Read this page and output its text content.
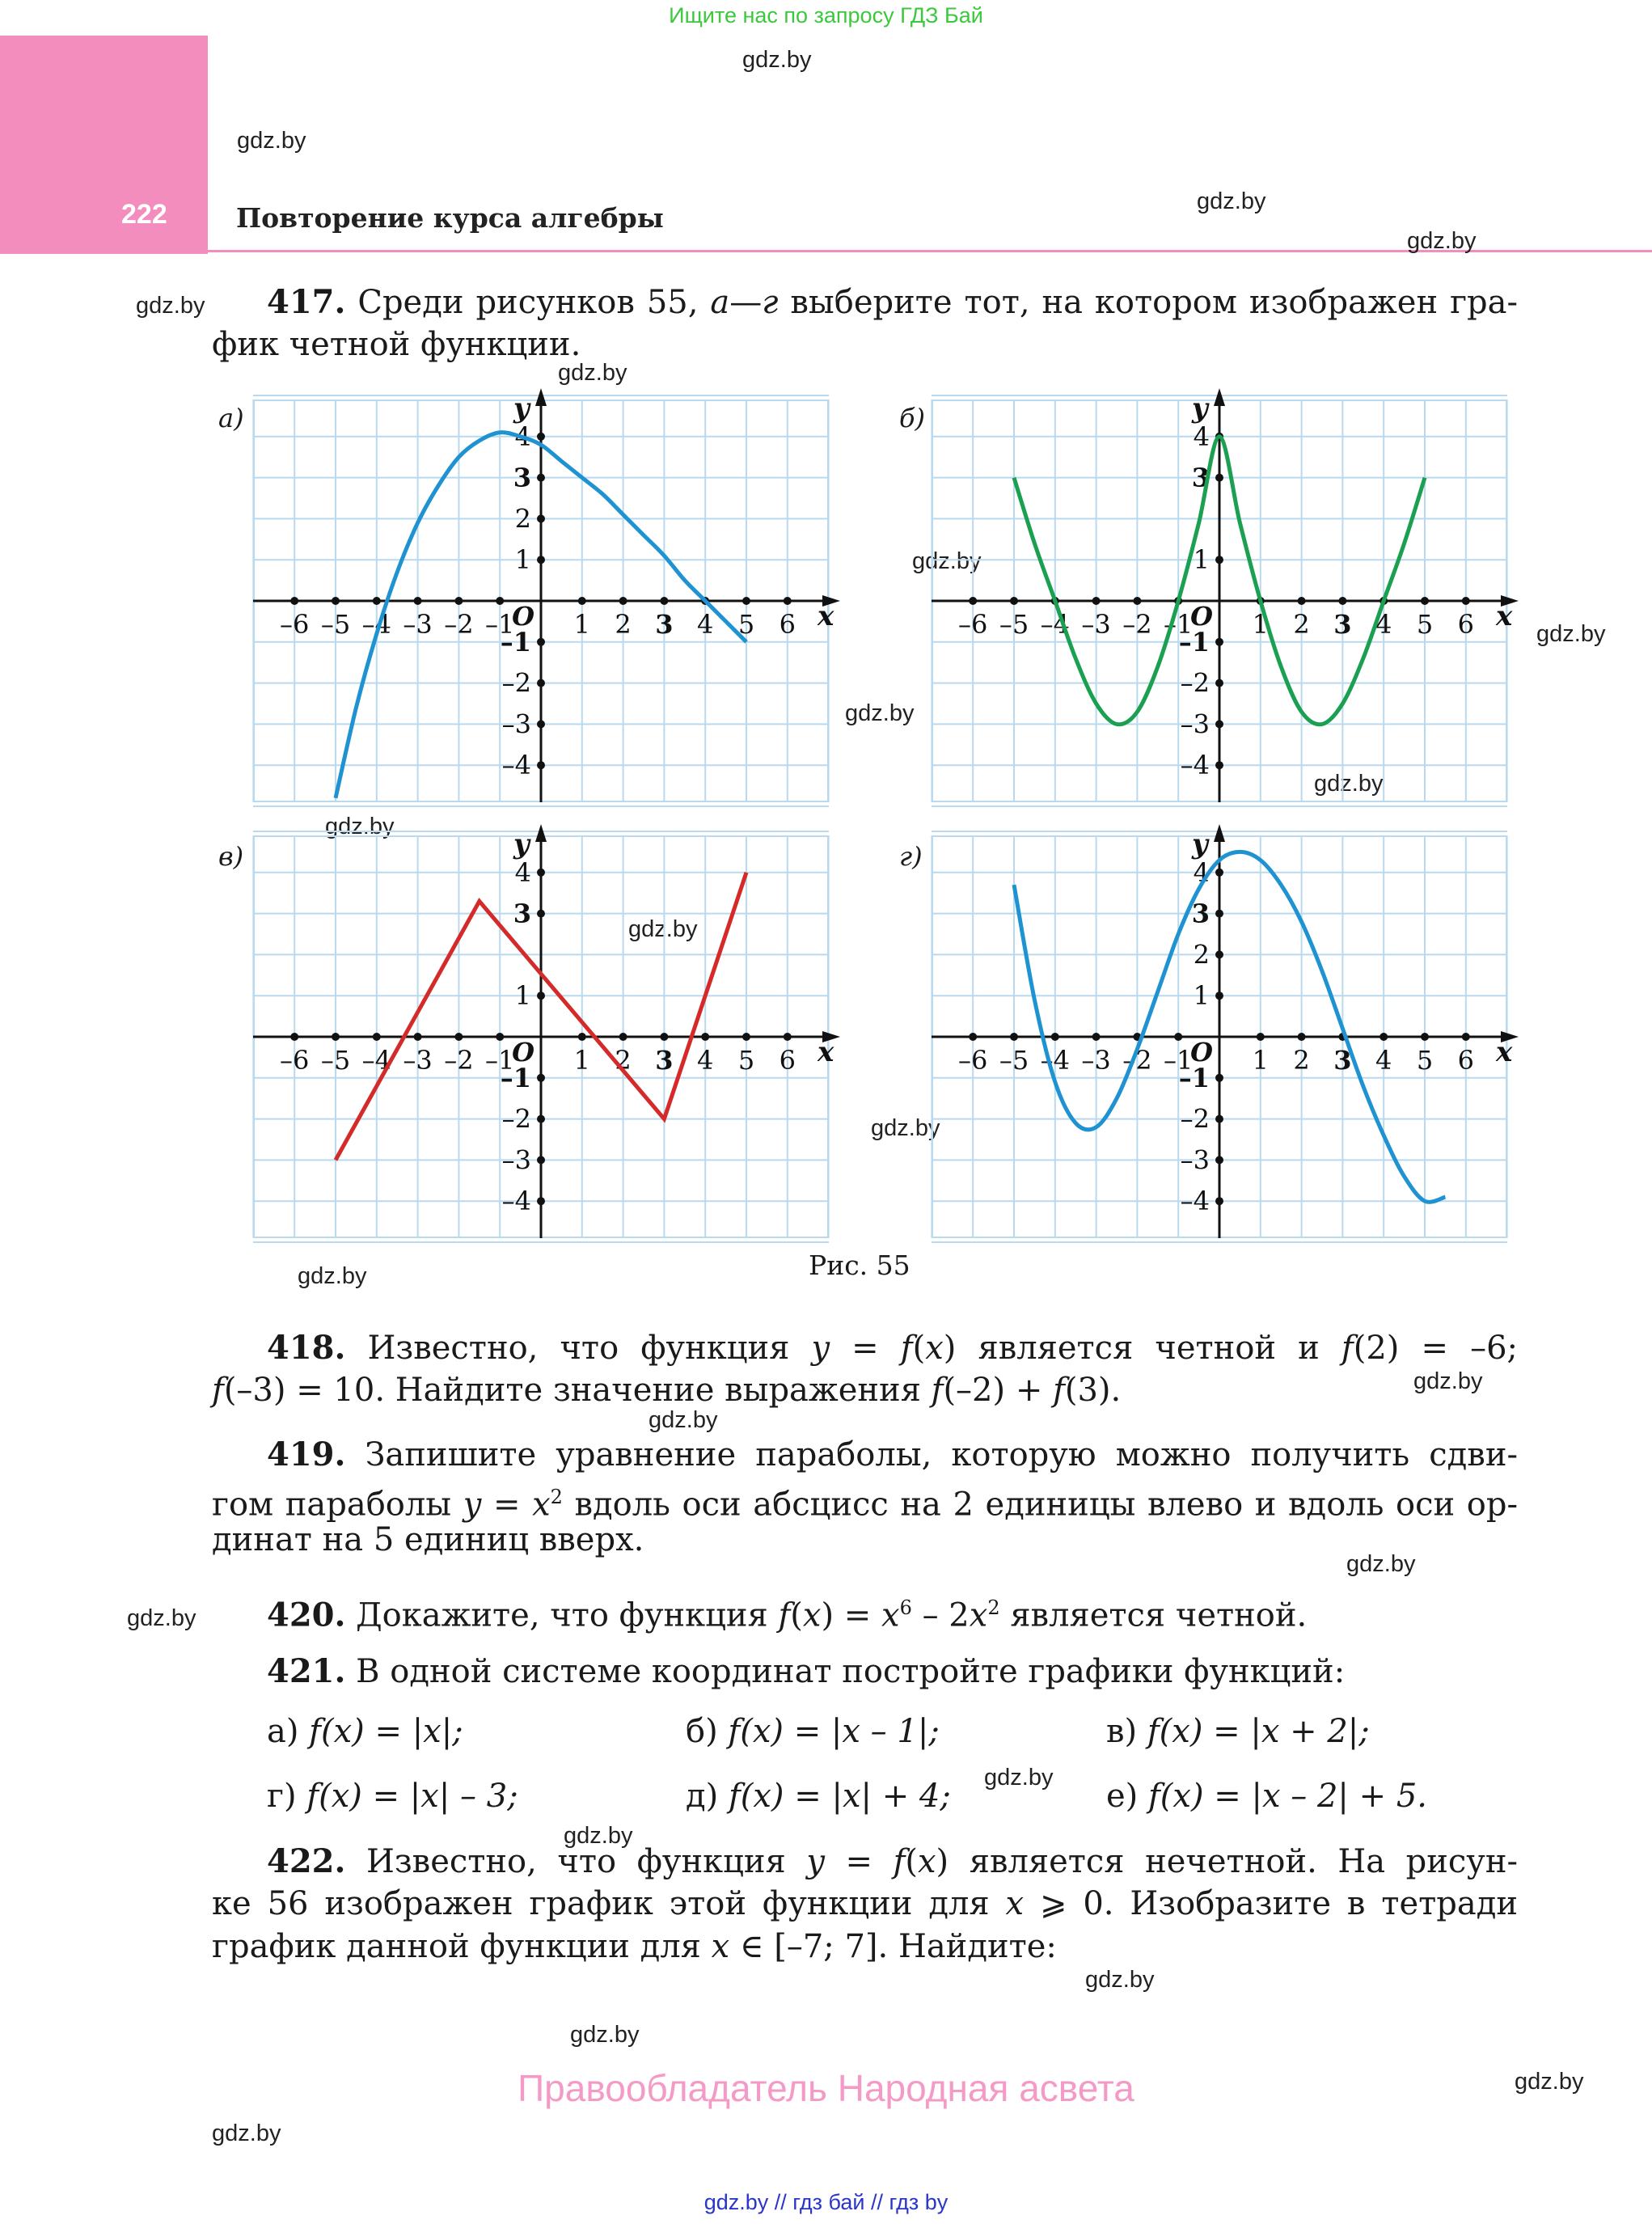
Ищите нас по запросу ГДЗ Бай
222	Повторение курса алгебры
gdz.by
gdz.by
gdz.by
gdz.by
gdz.by
gdz.by
gdz.by
gdz.by
gdz.by
gdz.by
gdz.by
gdz.by
gdz.by
gdz.by
gdz.by
gdz.by
gdz.by
gdz.by
gdz.by
gdz.by
gdz.by
gdz.by
gdz.by
gdz.by
417. Среди рисунков 55, а—г выберите тот, на котором изображен гра-
фик четной функции.
а)	б)
в)	г)
–6 –5 –4 –3 –2 –1 1 2 3 4 5 6
4
3
2
1
–1
–2
–3
–4
O	x
y
–6 –5 –4 –3 –2 –1 1 2 3 4 5 6
4
3
1
–1
–2
–3
–4
O	x
y
–6 –5 –4 –3 –2 –1 1 2 3 4 5 6
4
3
1
–1
–2
–3
–4
O	x
y
–6 –5 –4 –3 –2 –1 1 2 3 4 5 6
4
3
2
1
–1
–2
–3
–4
O	x
y
Рис. 55
418. Известно, что функция y = f(x) является четной и f(2) = –6;
f(–3) = 10. Найдите значение выражения f(–2) + f(3).
419. Запишите уравнение параболы, которую можно получить сдви-
гом параболы $y = x^2$ вдоль оси абсцисс на 2 единицы влево и вдоль оси ор-
динат на 5 единиц вверх.
420. Докажите, что функция $f(x) = x^6 - 2x^2$ является четной.
421. В одной системе координат постройте графики функций:
а) f(x) = |x|;	б) f(x) = |x – 1|;	в) f(x) = |x + 2|;
г) f(x) = |x| – 3;	д) f(x) = |x| + 4;	е) f(x) = |x – 2| + 5.
422. Известно, что функция y = f(x) является нечетной. На рисун-
ке 56 изображен график этой функции для x ⩾ 0. Изобразите в тетради
график данной функции для x ∈ [–7; 7]. Найдите:
Правообладатель Народная асвета
gdz.by // гдз бай // гдз by
